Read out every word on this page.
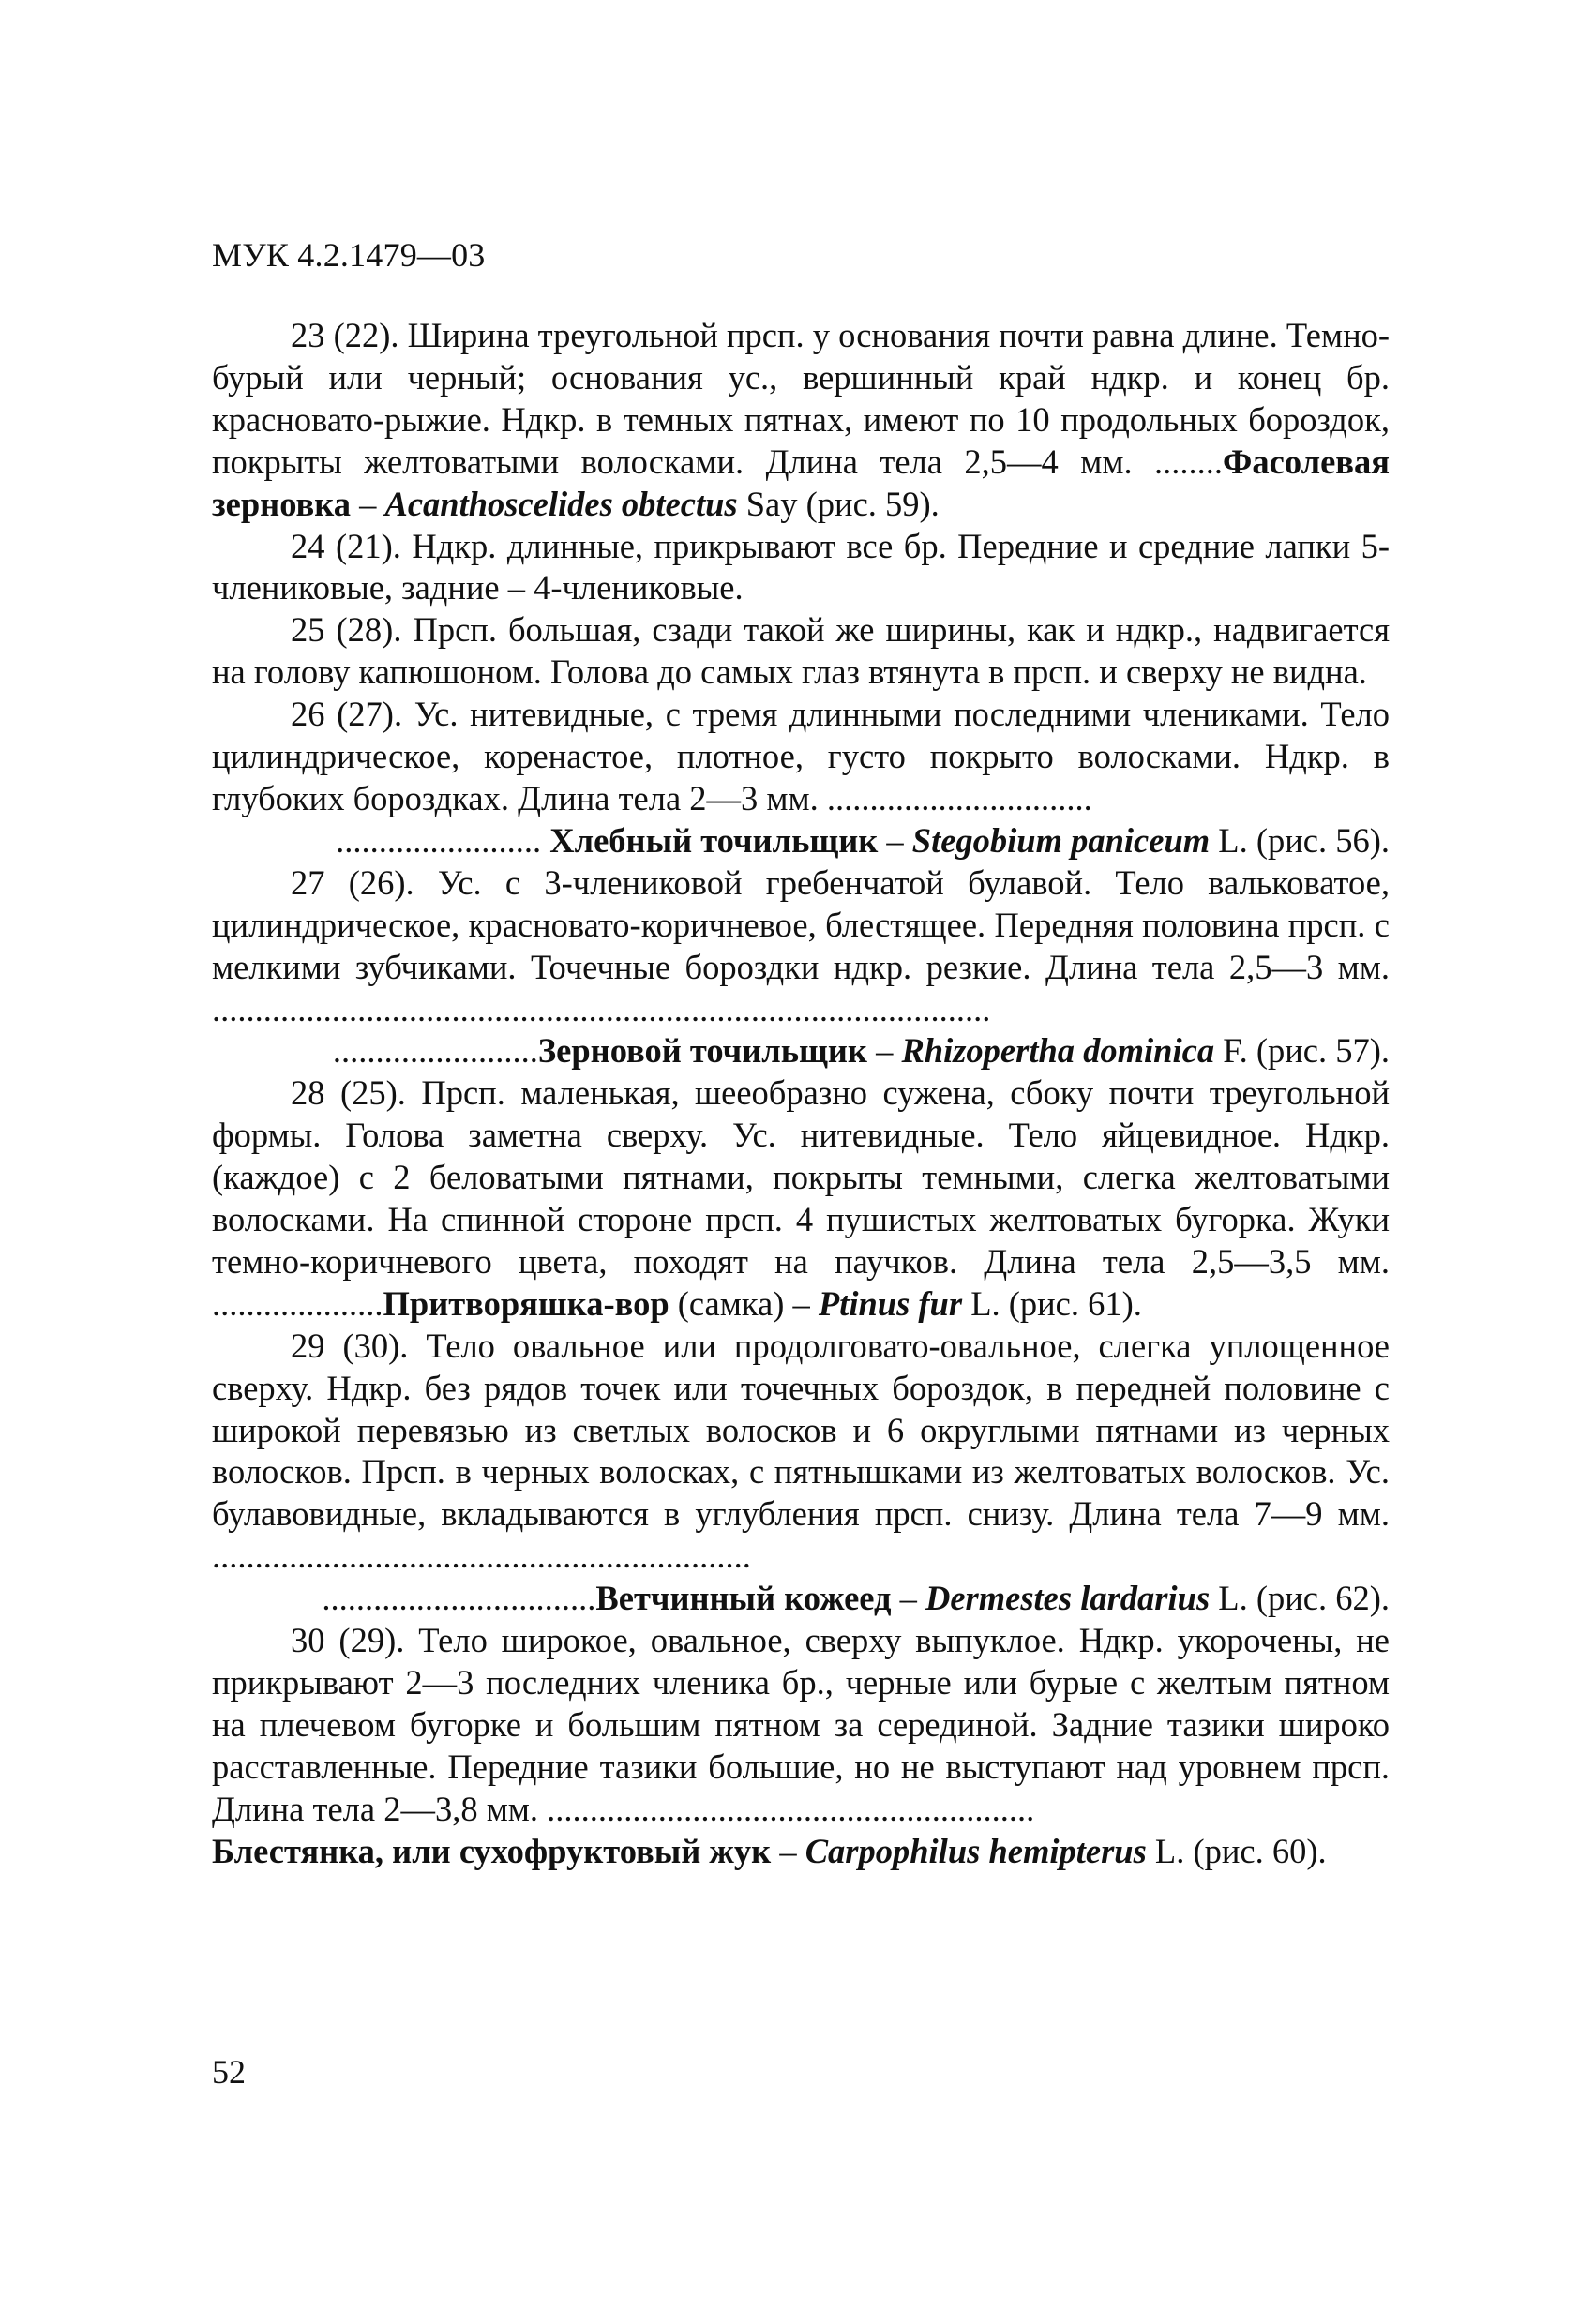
МУК 4.2.1479—03

23 (22). Ширина треугольной прсп. у основания почти равна длине. Темно-бурый или черный; основания ус., вершинный край ндкр. и конец бр. красновато-рыжие. Ндкр. в темных пятнах, имеют по 10 продольных бороздок, покрыты желтоватыми волосками. Длина тела 2,5—4 мм. ........Фасолевая зерновка – Acanthoscelides obtectus Say (рис. 59).

24 (21). Ндкр. длинные, прикрывают все бр. Передние и средние лапки 5-члениковые, задние – 4-члениковые.

25 (28). Прсп. большая, сзади такой же ширины, как и ндкр., надвигается на голову капюшоном. Голова до самых глаз втянута в прсп. и сверху не видна.

26 (27). Ус. нитевидные, с тремя длинными последними члениками. Тело цилиндрическое, коренастое, плотное, густо покрыто волосками. Ндкр. в глубоких бороздках. Длина тела 2—3 мм. ...............................

........................ Хлебный точильщик – Stegobium paniceum L. (рис. 56).

27 (26). Ус. с 3-члениковой гребенчатой булавой. Тело вальковатое, цилиндрическое, красновато-коричневое, блестящее. Передняя половина прсп. с мелкими зубчиками. Точечные бороздки ндкр. резкие. Длина тела 2,5—3 мм. ...........................................................................................

........................Зерновой точильщик – Rhizopertha dominica F. (рис. 57).

28 (25). Прсп. маленькая, шееобразно сужена, сбоку почти треугольной формы. Голова заметна сверху. Ус. нитевидные. Тело яйцевидное. Ндкр. (каждое) с 2 беловатыми пятнами, покрыты темными, слегка желтоватыми волосками. На спинной стороне прсп. 4 пушистых желтоватых бугорка. Жуки темно-коричневого цвета, походят на паучков. Длина тела 2,5—3,5 мм. ....................Притворяшка-вор (самка) – Ptinus fur L. (рис. 61).

29 (30). Тело овальное или продолговато-овальное, слегка уплощенное сверху. Ндкр. без рядов точек или точечных бороздок, в передней половине с широкой перевязью из светлых волосков и 6 округлыми пятнами из черных волосков. Прсп. в черных волосках, с пятнышками из желтоватых волосков. Ус. булавовидные, вкладываются в углубления прсп. снизу. Длина тела 7—9 мм. ...............................................................

................................Ветчинный кожеед – Dermestes lardarius L. (рис. 62).

30 (29). Тело широкое, овальное, сверху выпуклое. Ндкр. укорочены, не прикрывают 2—3 последних членика бр., черные или бурые с желтым пятном на плечевом бугорке и большим пятном за серединой. Задние тазики широко расставленные. Передние тазики большие, но не выступают над уровнем прсп. Длина тела 2—3,8 мм. .........................................................

Блестянка, или сухофруктовый жук – Carpophilus hemipterus L. (рис. 60).

52
